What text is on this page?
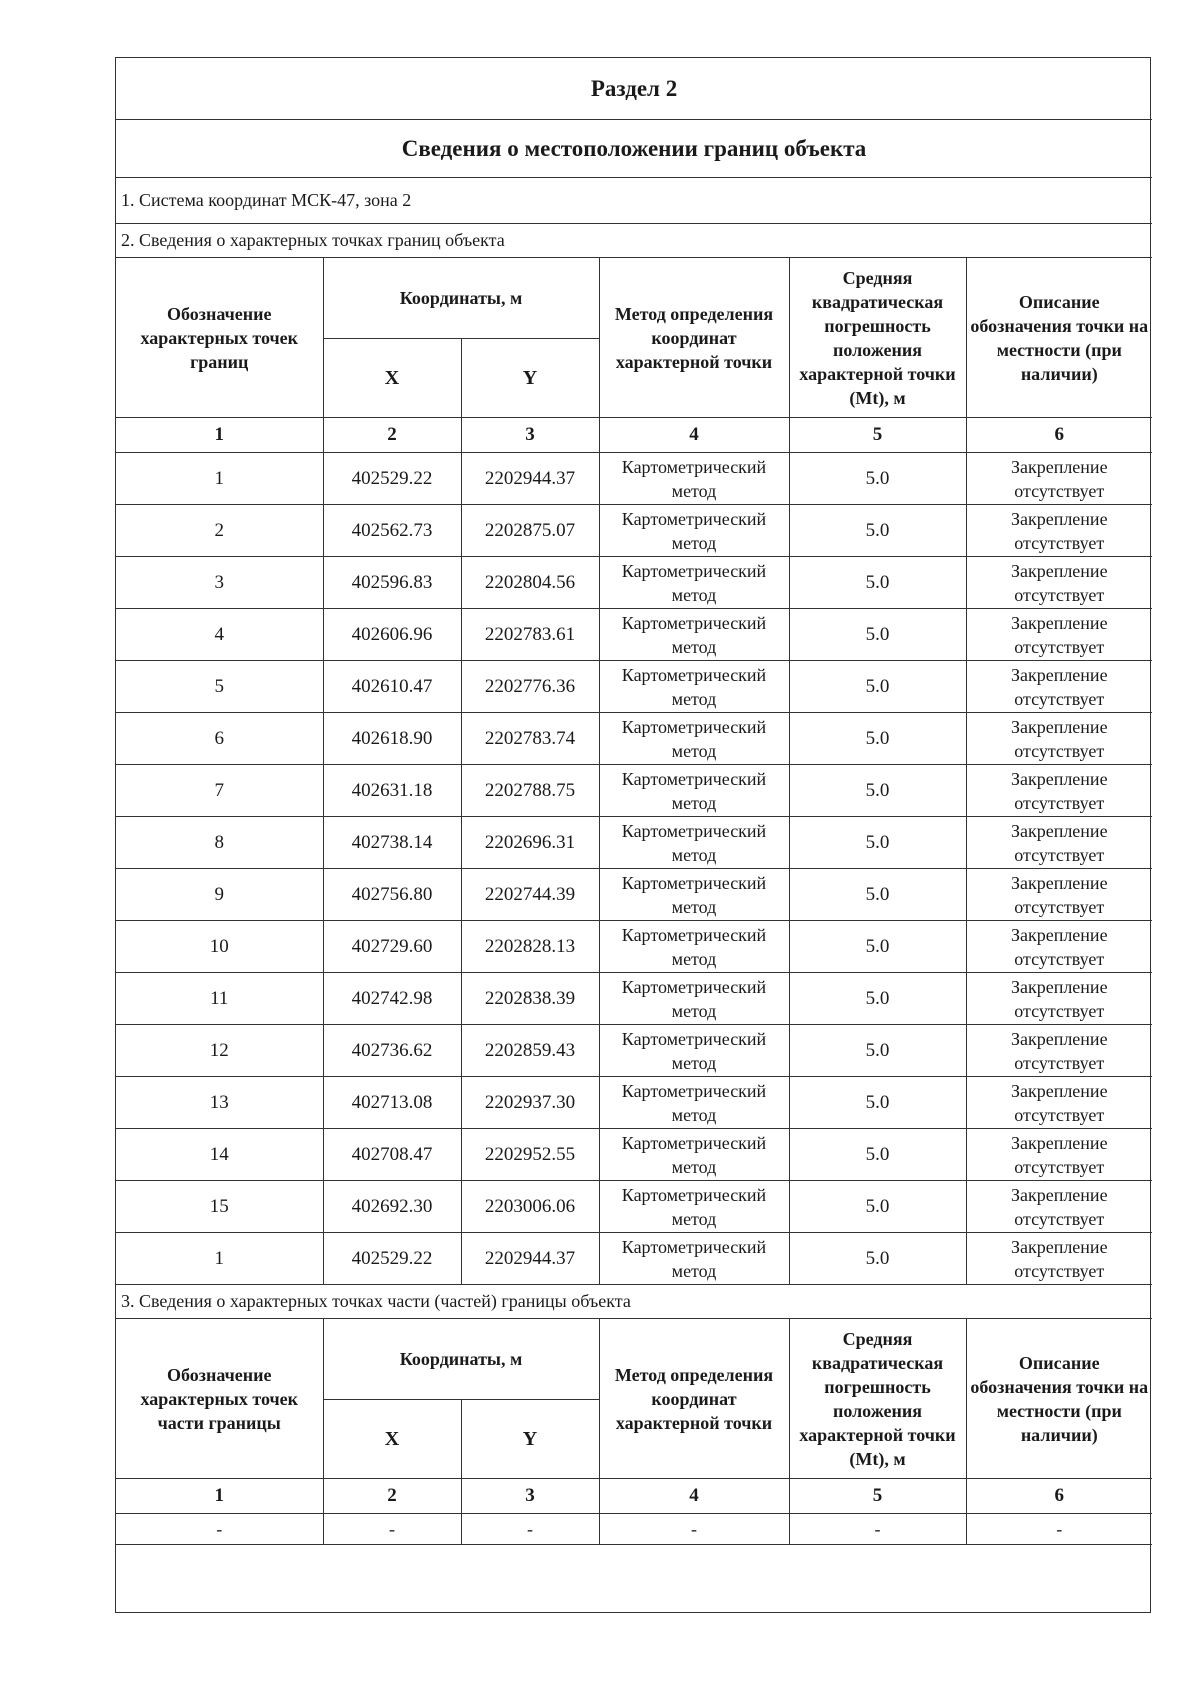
Раздел 2					
Сведения о местоположении границ объекта					
1. Система координат МСК-47, зона 2					
2. Сведения о характерных точках границ объекта					
Обозначение характерных точек границ	Координаты, м		Метод определения координат характерной точки	Средняя квадратическая погрешность положения характерной точки (Mt), м	Описание обозначения точки на местности (при наличии)
	X	Y			
1	2	3	4	5	6
1	402529.22	2202944.37	Картометрический метод	5.0	Закрепление отсутствует
2	402562.73	2202875.07	Картометрический метод	5.0	Закрепление отсутствует
3	402596.83	2202804.56	Картометрический метод	5.0	Закрепление отсутствует
4	402606.96	2202783.61	Картометрический метод	5.0	Закрепление отсутствует
5	402610.47	2202776.36	Картометрический метод	5.0	Закрепление отсутствует
6	402618.90	2202783.74	Картометрический метод	5.0	Закрепление отсутствует
7	402631.18	2202788.75	Картометрический метод	5.0	Закрепление отсутствует
8	402738.14	2202696.31	Картометрический метод	5.0	Закрепление отсутствует
9	402756.80	2202744.39	Картометрический метод	5.0	Закрепление отсутствует
10	402729.60	2202828.13	Картометрический метод	5.0	Закрепление отсутствует
11	402742.98	2202838.39	Картометрический метод	5.0	Закрепление отсутствует
12	402736.62	2202859.43	Картометрический метод	5.0	Закрепление отсутствует
13	402713.08	2202937.30	Картометрический метод	5.0	Закрепление отсутствует
14	402708.47	2202952.55	Картометрический метод	5.0	Закрепление отсутствует
15	402692.30	2203006.06	Картометрический метод	5.0	Закрепление отсутствует
1	402529.22	2202944.37	Картометрический метод	5.0	Закрепление отсутствует
3. Сведения о характерных точках части (частей) границы объекта					
Обозначение характерных точек части границы	Координаты, м		Метод определения координат характерной точки	Средняя квадратическая погрешность положения характерной точки (Mt), м	Описание обозначения точки на местности (при наличии)
	X	Y			
1	2	3	4	5	6
-	-	-	-	-	-
